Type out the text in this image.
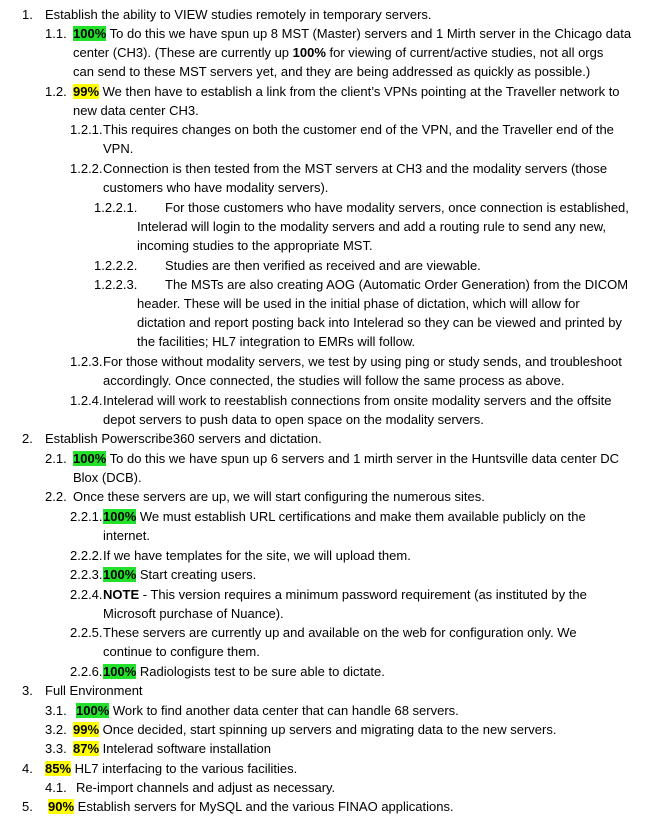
1. Establish the ability to VIEW studies remotely in temporary servers.
1.1. 100% To do this we have spun up 8 MST (Master) servers and 1 Mirth server in the Chicago data
center (CH3). (These are currently up 100% for viewing of current/active studies, not all orgs
can send to these MST servers yet, and they are being addressed as quickly as possible.)
1.2. 99% We then have to establish a link from the client’s VPNs pointing at the Traveller network to
new data center CH3.
1.2.1. This requires changes on both the customer end of the VPN, and the Traveller end of the
VPN.
1.2.2. Connection is then tested from the MST servers at CH3 and the modality servers (those
customers who have modality servers).
1.2.2.1. For those customers who have modality servers, once connection is established,
Intelerad will login to the modality servers and add a routing rule to send any new,
incoming studies to the appropriate MST.
1.2.2.2. Studies are then verified as received and are viewable.
1.2.2.3. The MSTs are also creating AOG (Automatic Order Generation) from the DICOM
header. These will be used in the initial phase of dictation, which will allow for
dictation and report posting back into Intelerad so they can be viewed and printed by
the facilities; HL7 integration to EMRs will follow.
1.2.3. For those without modality servers, we test by using ping or study sends, and troubleshoot
accordingly. Once connected, the studies will follow the same process as above.
1.2.4. Intelerad will work to reestablish connections from onsite modality servers and the offsite
depot servers to push data to open space on the modality servers.
2. Establish Powerscribe360 servers and dictation.
2.1. 100% To do this we have spun up 6 servers and 1 mirth server in the Huntsville data center DC
Blox (DCB).
2.2. Once these servers are up, we will start configuring the numerous sites.
2.2.1. 100% We must establish URL certifications and make them available publicly on the
internet.
2.2.2. If we have templates for the site, we will upload them.
2.2.3. 100% Start creating users.
2.2.4. NOTE - This version requires a minimum password requirement (as instituted by the
Microsoft purchase of Nuance).
2.2.5. These servers are currently up and available on the web for configuration only. We
continue to configure them.
2.2.6. 100% Radiologists test to be sure able to dictate.
3. Full Environment
3.1. 100% Work to find another data center that can handle 68 servers.
3.2. 99% Once decided, start spinning up servers and migrating data to the new servers.
3.3. 87% Intelerad software installation
4. 85% HL7 interfacing to the various facilities.
4.1. Re-import channels and adjust as necessary.
5. 90% Establish servers for MySQL and the various FINAO applications.
